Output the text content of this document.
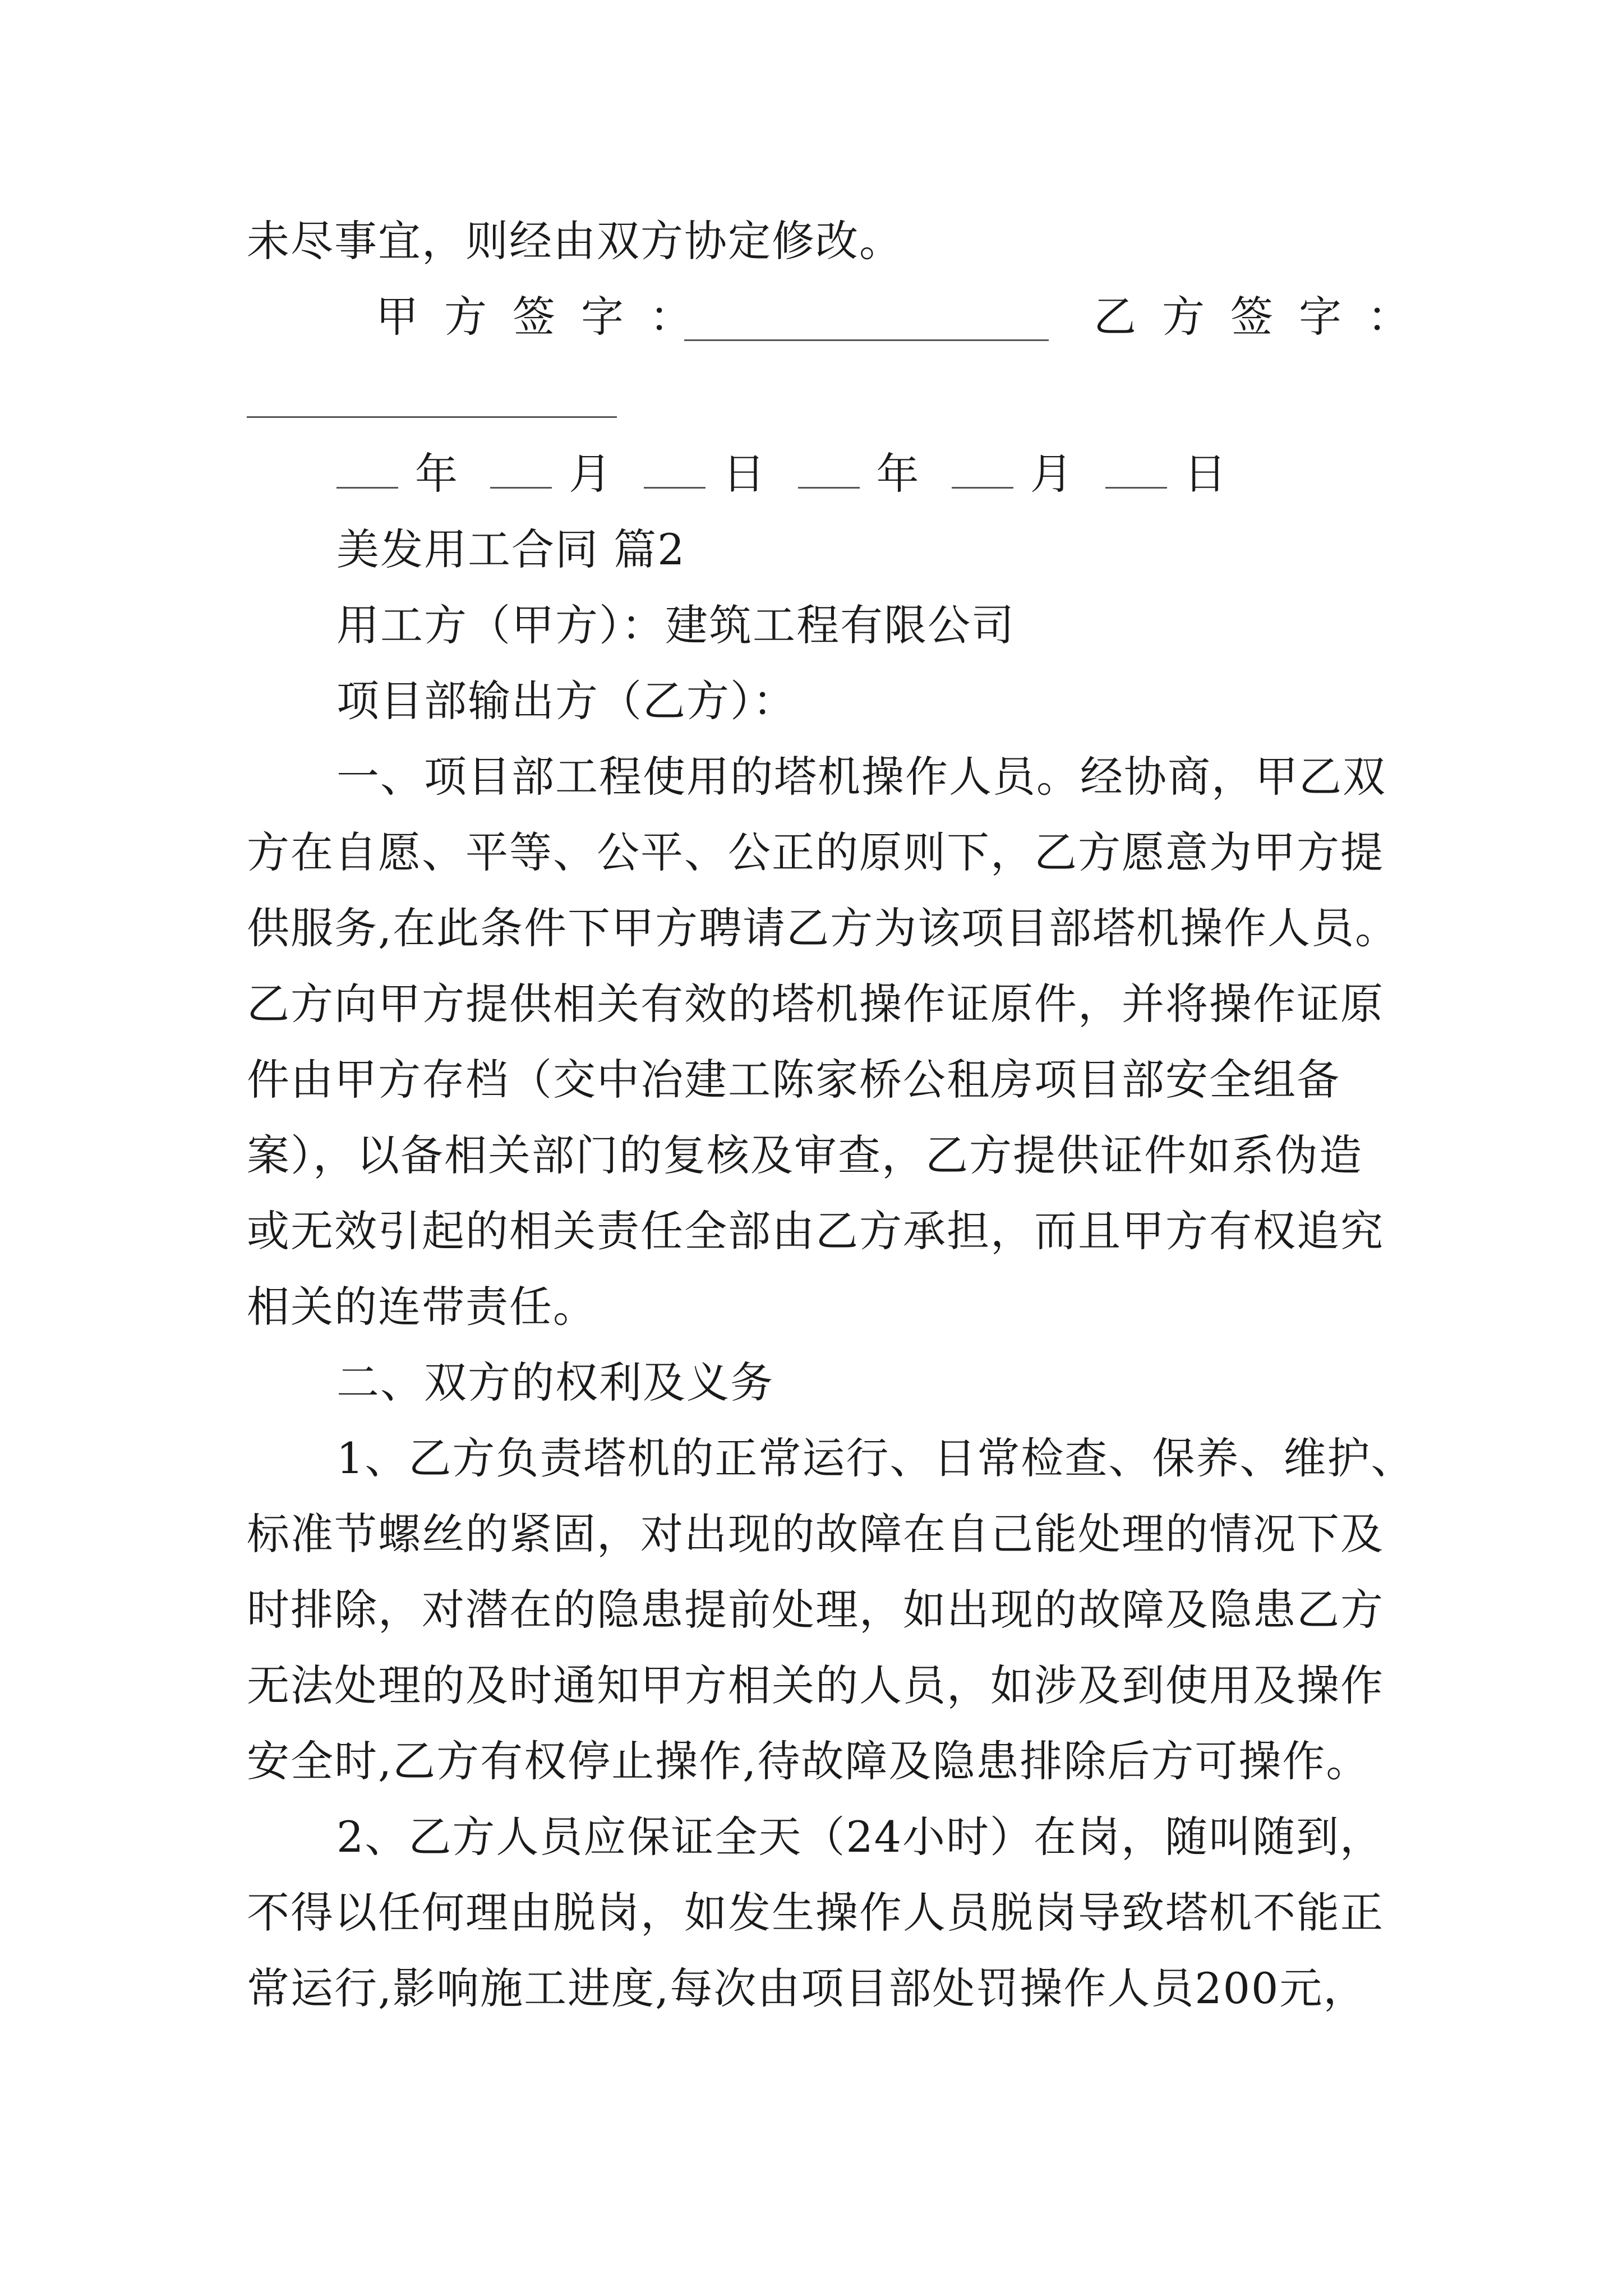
未尽事宜，则经由双方协定修改。
甲方签字：	乙方签字：
年	月	日	年	月	日
美发用工合同 篇2
用工方（甲方）：建筑工程有限公司
项目部输出方（乙方）：
一、项目部工程使用的塔机操作人员。经协商，甲乙双
方在自愿、平等、公平、公正的原则下，乙方愿意为甲方提
供服务,在此条件下甲方聘请乙方为该项目部塔机操作人员。
乙方向甲方提供相关有效的塔机操作证原件，并将操作证原
件由甲方存档（交中冶建工陈家桥公租房项目部安全组备
案），以备相关部门的复核及审查，乙方提供证件如系伪造
或无效引起的相关责任全部由乙方承担，而且甲方有权追究
相关的连带责任。
二、双方的权利及义务
1、乙方负责塔机的正常运行、日常检查、保养、维护、
标准节螺丝的紧固，对出现的故障在自己能处理的情况下及
时排除，对潜在的隐患提前处理，如出现的故障及隐患乙方
无法处理的及时通知甲方相关的人员，如涉及到使用及操作
安全时,乙方有权停止操作,待故障及隐患排除后方可操作。
2、乙方人员应保证全天（24小时）在岗，随叫随到，
不得以任何理由脱岗，如发生操作人员脱岗导致塔机不能正
常运行,影响施工进度,每次由项目部处罚操作人员200元，
